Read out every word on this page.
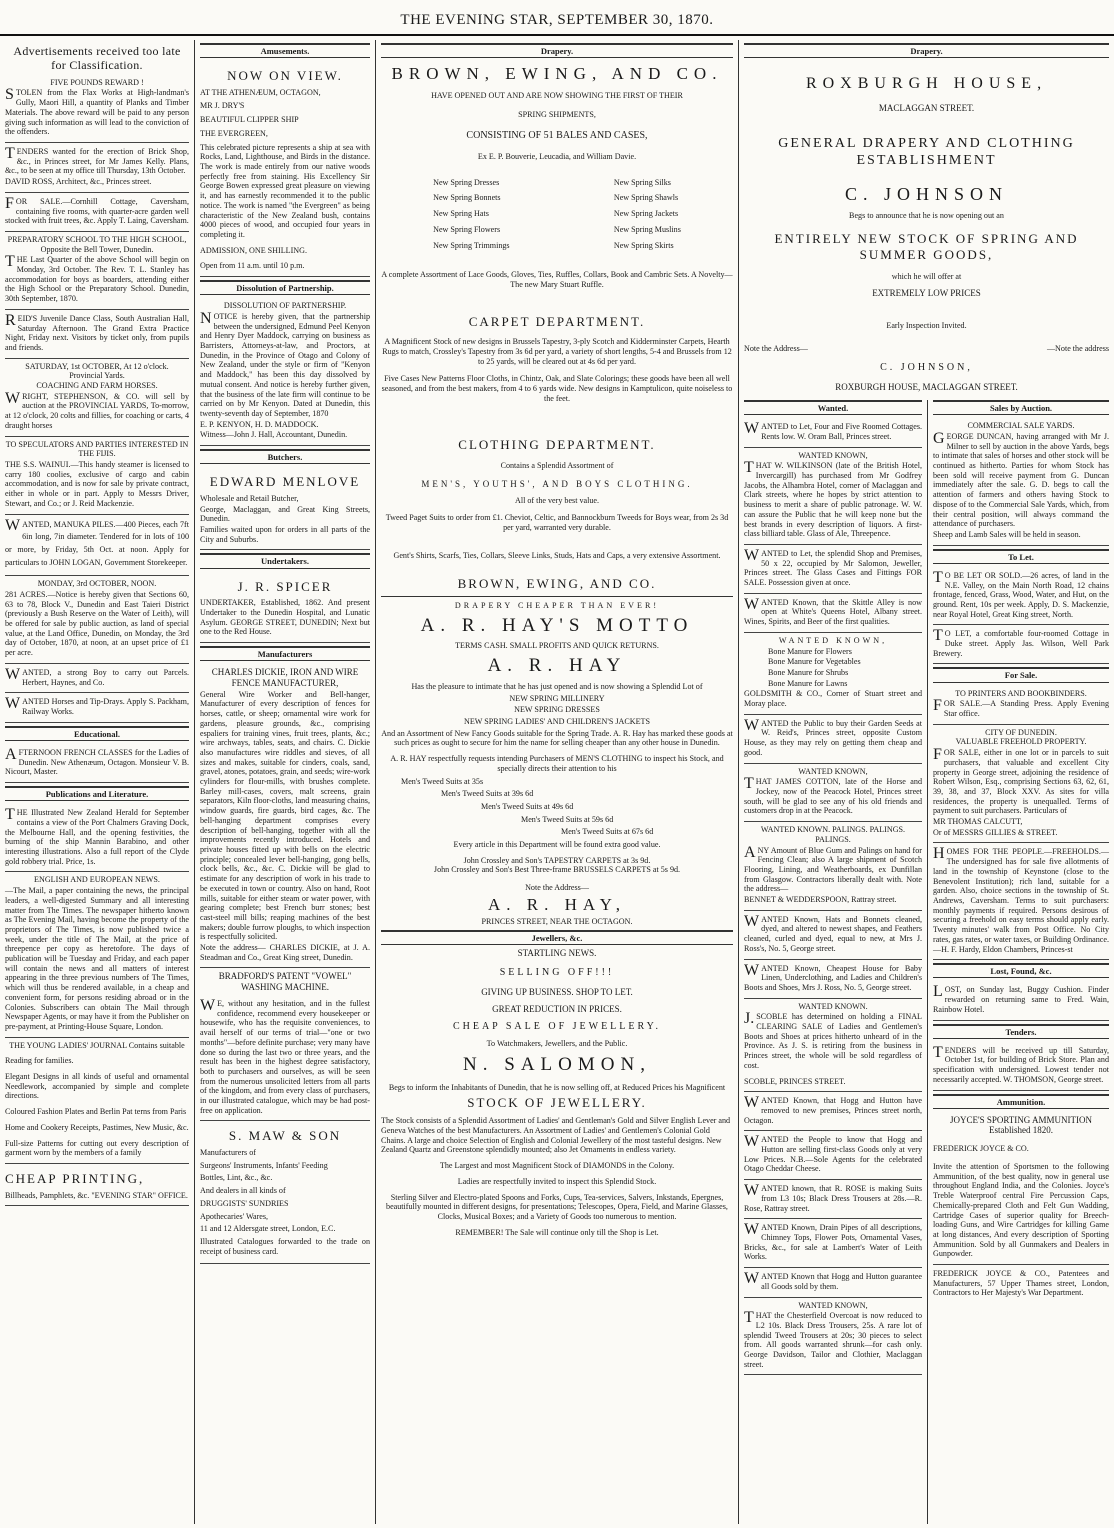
THE EVENING STAR, SEPTEMBER 30, 1870.
Advertisements received too late for Classification.
FIVE POUNDS REWARD !

STOLEN from the Flax Works at High-landman's Gully, Maori Hill, a quantity of Planks and Timber Materials. The above reward will be paid to any person giving such information as will lead to the conviction of the offenders.

TENDERS wanted for the erection of Brick Shop, &c., in Princes street, for Mr James Kelly. Plans, &c., to be seen at my office till Thursday, 13th October.

DAVID ROSS, Architect, &c., Princes street.

FOR SALE.—Cornhill Cottage, Caversham, containing five rooms, with quarter-acre garden well stocked with fruit trees, &c. Apply T. Laing, Caversham.

PREPARATORY SCHOOL TO THE HIGH SCHOOL, Opposite the Bell Tower, Dunedin.

THE Last Quarter of the above School will begin on Monday, 3rd October. The Rev. T. L. Stanley has accommodation for boys as boarders, attending either the High School or the Preparatory School. Dunedin, 30th September, 1870.

REID'S Juvenile Dance Class, South Australian Hall, Saturday Afternoon. The Grand Extra Practice Night, Friday next. Visitors by ticket only, from pupils and friends.

SATURDAY, 1st OCTOBER, At 12 o'clock.
Provincial Yards.
COACHING AND FARM HORSES.

WRIGHT, STEPHENSON, & CO. will sell by auction at the PROVINCIAL YARDS, To-morrow, at 12 o'clock, 20 colts and fillies, for coaching or carts, 4 draught horses

TO SPECULATORS AND PARTIES INTERESTED IN THE FIJIS.

THE S.S. WAINUI.—This handy steamer is licensed to carry 180 coolies, exclusive of cargo and cabin accommodation, and is now for sale by private contract, either in whole or in part. Apply to Messrs Driver, Stewart, and Co.; or J. Reid Mackenzie.

WANTED, MANUKA PILES.—400 Pieces, each 7ft 6in long, 7in diameter. Tendered for in lots of 100 or more, by Friday, 5th Oct. at noon. Apply for particulars to JOHN LOGAN, Government Storekeeper.

MONDAY, 3rd OCTOBER, NOON.

281 ACRES.—Notice is hereby given that Sections 60, 63 to 78, Block V., Dunedin and East Taieri District (previously a Bush Reserve on the Water of Leith), will be offered for sale by public auction, as land of special value, at the Land Office, Dunedin, on Monday, the 3rd day of October, 1870, at noon, at an upset price of £1 per acre.

WANTED, a strong Boy to carry out Parcels. Herbert, Haynes, and Co.

WANTED Horses and Tip-Drays. Apply S. Packham, Railway Works.

Educational.

AFTERNOON FRENCH CLASSES for the Ladies of Dunedin. New Athenæum, Octagon. Monsieur V. B. Nicourt, Master.

Publications and Literature.

THE Illustrated New Zealand Herald for September contains a view of the Port Chalmers Graving Dock, the Melbourne Hall, and the opening festivities, the burning of the ship Mannin Barabino, and other interesting illustrations. Also a full report of the Clyde gold robbery trial. Price, 1s.

ENGLISH AND EUROPEAN NEWS.

—The Mail, a paper containing the news, the principal leaders, a well-digested Summary and all interesting matter from The Times. The newspaper hitherto known as The Evening Mail, having become the property of the proprietors of The Times, is now published twice a week, under the title of The Mail, at the price of threepence per copy as heretofore. The days of publication will be Tuesday and Friday, and each paper will contain the news and all matters of interest appearing in the three previous numbers of The Times, which will thus be rendered available, in a cheap and convenient form, for persons residing abroad or in the Colonies. Subscribers can obtain The Mail through Newspaper Agents, or may have it from the Publisher on pre-payment, at Printing-House Square, London.

THE YOUNG LADIES' JOURNAL Contains suitable

Reading for families.

Elegant Designs in all kinds of useful and ornamental Needlework, accompanied by simple and complete directions.

Coloured Fashion Plates and Berlin Pat terns from Paris

Home and Cookery Receipts, Pastimes, New Music, &c.

Full-size Patterns for cutting out every description of garment worn by the members of a family

CHEAP PRINTING,

Billheads, Pamphlets, &c. "EVENING STAR" OFFICE.

Amusements.
NOW ON VIEW.

AT THE ATHENÆUM, OCTAGON,

MR J. DRY'S

BEAUTIFUL CLIPPER SHIP

THE EVERGREEN,

This celebrated picture represents a ship at sea with Rocks, Land, Lighthouse, and Birds in the distance. The work is made entirely from our native woods perfectly free from staining. His Excellency Sir George Bowen expressed great pleasure on viewing it, and has earnestly recommended it to the public notice. The work is named "the Evergreen" as being characteristic of the New Zealand bush, contains 4000 pieces of wood, and occupied four years in completing it.

ADMISSION, ONE SHILLING.

Open from 11 a.m. until 10 p.m.

Dissolution of Partnership.
DISSOLUTION OF PARTNERSHIP.

NOTICE is hereby given, that the partnership between the undersigned, Edmund Peel Kenyon and Henry Dyer Maddock, carrying on business as Barristers, Attorneys-at-law, and Proctors, at Dunedin, in the Province of Otago and Colony of New Zealand, under the style or firm of "Kenyon and Maddock," has been this day dissolved by mutual consent. And notice is hereby further given, that the business of the late firm will continue to be carried on by Mr Kenyon. Dated at Dunedin, this twenty-seventh day of September, 1870

E. P. KENYON, H. D. MADDOCK.

Witness—John J. Hall, Accountant, Dunedin.

Butchers.
EDWARD MENLOVE

Wholesale and Retail Butcher,

George, Maclaggan, and Great King Streets, Dunedin.

Families waited upon for orders in all parts of the City and Suburbs.

Undertakers.
J. R. SPICER

UNDERTAKER, Established, 1862. And present Undertaker to the Dunedin Hospital, and Lunatic Asylum. GEORGE STREET, DUNEDIN; Next but one to the Red House.

Manufacturers
CHARLES DICKIE, IRON AND WIRE FENCE MANUFACTURER,

General Wire Worker and Bell-hanger, Manufacturer of every description of fences for horses, cattle, or sheep; ornamental wire work for gardens, pleasure grounds, &c., comprising espaliers for training vines, fruit trees, plants, &c.; wire archways, tables, seats, and chairs. C. Dickie also manufactures wire riddles and sieves, of all sizes and makes, suitable for cinders, coals, sand, gravel, atones, potatoes, grain, and seeds; wire-work cylinders for flour-mills, with brushes complete. Barley mill-cases, covers, malt screens, grain separators, Kiln floor-cloths, land measuring chains, window guards, fire guards, bird cages, &c. The bell-hanging department comprises every description of bell-hanging, together with all the improvements recently introduced. Hotels and private houses fitted up with bells on the electric principle; concealed lever bell-hanging, gong bells, clock bells, &c., &c. C. Dickie will be glad to estimate for any description of work in his trade to be executed in town or country. Also on hand, Root mills, suitable for either steam or water power, with gearing complete; best French burr stones; best cast-steel mill bills; reaping machines of the best makers; double furrow ploughs, to which inspection is respectfully solicited.

Note the address— CHARLES DICKIE, at J. A. Steadman and Co., Great King street, Dunedin.

BRADFORD'S PATENT "VOWEL" WASHING MACHINE.

WE, without any hesitation, and in the fullest confidence, recommend every housekeeper or housewife, who has the requisite conveniences, to avail herself of our terms of trial—"one or two months"—before definite purchase; very many have done so during the last two or three years, and the result has been in the highest degree satisfactory, both to purchasers and ourselves, as will be seen from the numerous unsolicited letters from all parts of the kingdom, and from every class of purchasers, in our illustrated catalogue, which may be had post-free on application.

S. MAW & SON

Manufacturers of

Surgeons' Instruments, Infants' Feeding

Bottles, Lint, &c., &c.

And dealers in all kinds of

DRUGGISTS' SUNDRIES

Apothecaries' Wares,

11 and 12 Aldersgate street, London, E.C.

Illustrated Catalogues forwarded to the trade on receipt of business card.

Drapery.
BROWN, EWING, AND CO.

HAVE OPENED OUT AND ARE NOW SHOWING THE FIRST OF THEIR

SPRING SHIPMENTS,

CONSISTING OF 51 BALES AND CASES,

Ex E. P. Bouverie, Leucadia, and William Davie.

New Spring Dresses

New Spring Bonnets

New Spring Hats

New Spring Flowers

New Spring Trimmings

New Spring Silks

New Spring Shawls

New Spring Jackets

New Spring Muslins

New Spring Skirts

A complete Assortment of Lace Goods, Gloves, Ties, Ruffles, Collars, Book and Cambric Sets. A Novelty—The new Mary Stuart Ruffle.

CARPET DEPARTMENT.

A Magnificent Stock of new designs in Brussels Tapestry, 3-ply Scotch and Kidderminster Carpets, Hearth Rugs to match, Crossley's Tapestry from 3s 6d per yard, a variety of short lengths, 5-4 and Brussels from 12 to 25 yards, will be cleared out at 4s 6d per yard.

Five Cases New Patterns Floor Cloths, in Chintz, Oak, and Slate Colorings; these goods have been all well seasoned, and from the best makers, from 4 to 6 yards wide. New designs in Kamptulicon, quite noiseless to the feet.

CLOTHING DEPARTMENT.

Contains a Splendid Assortment of

MEN'S, YOUTHS', AND BOYS CLOTHING.

All of the very best value.

Tweed Paget Suits to order from £1. Cheviot, Celtic, and Bannockburn Tweeds for Boys wear, from 2s 3d per yard, warranted very durable.

Gent's Shirts, Scarfs, Ties, Collars, Sleeve Links, Studs, Hats and Caps, a very extensive Assortment.

BROWN, EWING, AND CO.

DRAPERY CHEAPER THAN EVER!

A. R. HAY'S MOTTO

TERMS CASH. SMALL PROFITS AND QUICK RETURNS.

A. R. HAY

Has the pleasure to intimate that he has just opened and is now showing a Splendid Lot of

NEW SPRING MILLINERY

NEW SPRING DRESSES

NEW SPRING LADIES' AND CHILDREN'S JACKETS

And an Assortment of New Fancy Goods suitable for the Spring Trade. A. R. Hay has marked these goods at such prices as ought to secure for him the name for selling cheaper than any other house in Dunedin.

A. R. HAY respectfully requests intending Purchasers of MEN'S CLOTHING to inspect his Stock, and specially directs their attention to his

Men's Tweed Suits at 35s

Men's Tweed Suits at 39s 6d

Men's Tweed Suits at 49s 6d

Men's Tweed Suits at 59s 6d

Men's Tweed Suits at 67s 6d

Every article in this Department will be found extra good value.

John Crossley and Son's TAPESTRY CARPETS at 3s 9d.

John Crossley and Son's Best Three-frame BRUSSELS CARPETS at 5s 9d.

Note the Address—

A. R. HAY,

PRINCES STREET, NEAR THE OCTAGON.

Jewellers, &c.

STARTLING NEWS.

SELLING OFF!!!

GIVING UP BUSINESS. SHOP TO LET.

GREAT REDUCTION IN PRICES.

CHEAP SALE OF JEWELLERY.

To Watchmakers, Jewellers, and the Public.

N. SALOMON,

Begs to inform the Inhabitants of Dunedin, that he is now selling off, at Reduced Prices his Magnificent

STOCK OF JEWELLERY.

The Stock consists of a Splendid Assortment of Ladies' and Gentleman's Gold and Silver English Lever and Geneva Watches of the best Manufacturers. An Assortment of Ladies' and Gentlemen's Colonial Gold Chains. A large and choice Selection of English and Colonial Jewellery of the most tasteful designs. New Zealand Quartz and Greenstone splendidly mounted; also Jet Ornaments in endless variety.

The Largest and most Magnificent Stock of DIAMONDS in the Colony.

Ladies are respectfully invited to inspect this Splendid Stock.

Sterling Silver and Electro-plated Spoons and Forks, Cups, Tea-services, Salvers, Inkstands, Epergnes, beautifully mounted in different designs, for presentations; Telescopes, Opera, Field, and Marine Glasses, Clocks, Musical Boxes; and a Variety of Goods too numerous to mention.

REMEMBER! The Sale will continue only till the Shop is Let.

Drapery.
ROXBURGH HOUSE,

MACLAGGAN STREET.

GENERAL DRAPERY AND CLOTHING ESTABLISHMENT
C. JOHNSON

Begs to announce that he is now opening out an

ENTIRELY NEW STOCK OF SPRING AND SUMMER GOODS,

which he will offer at

EXTREMELY LOW PRICES

Early Inspection Invited.

Note the Address—	—Note the address

C. JOHNSON,

ROXBURGH HOUSE, MACLAGGAN STREET.

Wanted.

WANTED to Let, Four and Five Roomed Cottages. Rents low. W. Oram Ball, Princes street.

WANTED KNOWN,

THAT W. WILKINSON (late of the British Hotel, Invercargill) has purchased from Mr Godfrey Jacobs, the Alhambra Hotel, corner of Maclaggan and Clark streets, where he hopes by strict attention to business to merit a share of public patronage. W. W. can assure the Public that he will keep none but the best brands in every description of liquors. A first-class billiard table. Glass of Ale, Threepence.

WANTED to Let, the splendid Shop and Premises, 50 x 22, occupied by Mr Salomon, Jeweller, Princes street. The Glass Cases and Fittings FOR SALE. Possession given at once.

WANTED Known, that the Skittle Alley is now open at White's Queens Hotel, Albany street. Wines, Spirits, and Beer of the first qualities.

WANTED KNOWN,

Bone Manure for Flowers

Bone Manure for Vegetables

Bone Manure for Shrubs

Bone Manure for Lawns

GOLDSMITH & CO., Corner of Stuart street and Moray place.

WANTED the Public to buy their Garden Seeds at W. Reid's, Princes street, opposite Custom House, as they may rely on getting them cheap and good.

WANTED KNOWN,

THAT JAMES COTTON, late of the Horse and Jockey, now of the Peacock Hotel, Princes street south, will be glad to see any of his old friends and customers drop in at the Peacock.

WANTED KNOWN. PALINGS. PALINGS. PALINGS.

ANY Amount of Blue Gum and Palings on hand for Fencing Clean; also A large shipment of Scotch Flooring, Lining, and Weatherboards, ex Dunfillan from Glasgow. Contractors liberally dealt with. Note the address—

BENNET & WEDDERSPOON, Rattray street.

WANTED Known, Hats and Bonnets cleaned, dyed, and altered to newest shapes, and Feathers cleaned, curled and dyed, equal to new, at Mrs J. Ross's, No. 5, George street.

WANTED Known, Cheapest House for Baby Linen, Underclothing, and Ladies and Children's Boots and Shoes, Mrs J. Ross, No. 5, George street.

WANTED KNOWN.

J.SCOBLE has determined on holding a FINAL CLEARING SALE of Ladies and Gentlemen's Boots and Shoes at prices hitherto unheard of in the Province. As J. S. is retiring from the business in Princes street, the whole will be sold regardless of cost.

SCOBLE, PRINCES STREET.

WANTED Known, that Hogg and Hutton have removed to new premises, Princes street north, Octagon.

WANTED the People to know that Hogg and Hutton are selling first-class Goods only at very Low Prices. N.B.—Sole Agents for the celebrated Otago Cheddar Cheese.

WANTED known, that R. ROSE is making Suits from L3 10s; Black Dress Trousers at 28s.—R. Rose, Rattray street.

WANTED Known, Drain Pipes of all descriptions, Chimney Tops, Flower Pots, Ornamental Vases, Bricks, &c., for sale at Lambert's Water of Leith Works.

WANTED Known that Hogg and Hutton guarantee all Goods sold by them.

WANTED KNOWN,

THAT the Chesterfield Overcoat is now reduced to L2 10s. Black Dress Trousers, 25s. A rare lot of splendid Tweed Trousers at 20s; 30 pieces to select from. All goods warranted shrunk—for cash only. George Davidson, Tailor and Clothier, Maclaggan street.

Sales by Auction.
COMMERCIAL SALE YARDS.

GEORGE DUNCAN, having arranged with Mr J. Milner to sell by auction in the above Yards, begs to intimate that sales of horses and other stock will be continued as hitherto. Parties for whom Stock has been sold will receive payment from G. Duncan immediately after the sale. G. D. begs to call the attention of farmers and others having Stock to dispose of to the Commercial Sale Yards, which, from their central position, will always command the attendance of purchasers.

Sheep and Lamb Sales will be held in season.

To Let.

TO BE LET OR SOLD.—26 acres, of land in the N.E. Valley, on the Main North Road, 12 chains frontage, fenced, Grass, Wood, Water, and Hut, on the ground. Rent, 10s per week. Apply, D. S. Mackenzie, near Royal Hotel, Great King street, North.

TO LET, a comfortable four-roomed Cottage in Duke street. Apply Jas. Wilson, Well Park Brewery.

For Sale.
TO PRINTERS AND BOOKBINDERS.

FOR SALE.—A Standing Press. Apply Evening Star office.

CITY OF DUNEDIN.
VALUABLE FREEHOLD PROPERTY.

FOR SALE, either in one lot or in parcels to suit purchasers, that valuable and excellent City property in George street, adjoining the residence of Robert Wilson, Esq., comprising Sections 63, 62, 61, 39, 38, and 37, Block XXV. As sites for villa residences, the property is unequalled. Terms of payment to suit purchasers. Particulars of

MR THOMAS CALCUTT,

Or of MESSRS GILLIES & STREET.

HOMES FOR THE PEOPLE.—FREEHOLDS.—The undersigned has for sale five allotments of land in the township of Keynstone (close to the Benevolent Institution); rich land, suitable for a garden. Also, choice sections in the township of St. Andrews, Caversham. Terms to suit purchasers: monthly payments if required. Persons desirous of securing a freehold on easy terms should apply early. Twenty minutes' walk from Post Office. No City rates, gas rates, or water taxes, or Building Ordinance.—H. F. Hardy, Eldon Chambers, Princes-st

Lost, Found, &c.

LOST, on Sunday last, Buggy Cushion. Finder rewarded on returning same to Fred. Wain, Rainbow Hotel.

Tenders.

TENDERS will be received up till Saturday, October 1st, for building of Brick Store. Plan and specification with undersigned. Lowest tender not necessarily accepted. W. THOMSON, George street.

Ammunition.
JOYCE'S SPORTING AMMUNITION Established 1820.

FREDERICK JOYCE & CO.

Invite the attention of Sportsmen to the following Ammunition, of the best quality, now in general use throughout England India, and the Colonies. Joyce's Treble Waterproof central Fire Percussion Caps, Chemically-prepared Cloth and Felt Gun Wadding, Cartridge Cases of superior quality for Breech-loading Guns, and Wire Cartridges for killing Game at long distances, And every description of Sporting Ammunition. Sold by all Gunmakers and Dealers in Gunpowder.

FREDERICK JOYCE & CO., Patentees and Manufacturers, 57 Upper Thames street, London, Contractors to Her Majesty's War Department.
